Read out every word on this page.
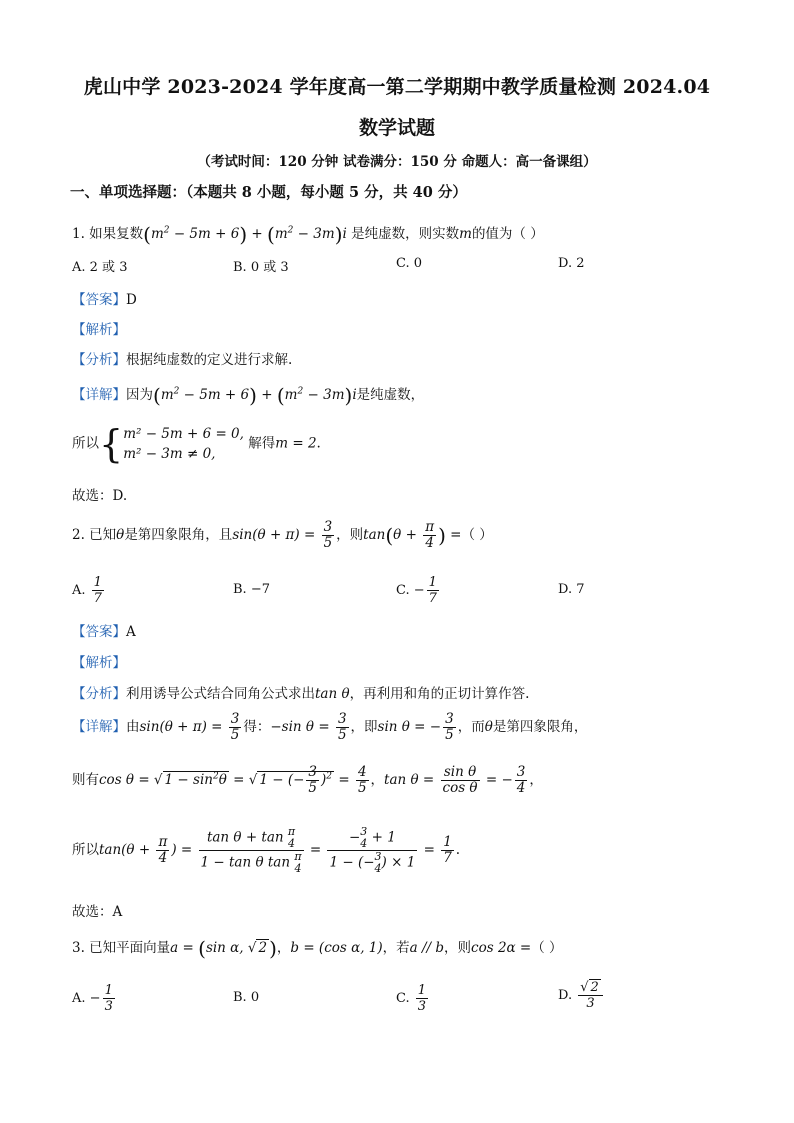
虎山中学 2023-2024 学年度高一第二学期期中教学质量检测 2024.04
数学试题
（考试时间：120 分钟 试卷满分：150 分 命题人：高一备课组）
一、单项选择题：（本题共 8 小题，每小题 5 分，共 40 分）
1. 如果复数$(m^2 - 5m + 6) + (m^2 - 3m)i$ 是纯虚数，则实数m的值为（ ）
A. 2 或 3	B. 0 或 3	C. 0	D. 2
【答案】D
【解析】
【分析】根据纯虚数的定义进行求解.
【详解】因为$(m^2 - 5m + 6) + (m^2 - 3m)i$是纯虚数，
所以{ m² − 5m + 6 = 0,
m² − 3m ≠ 0,
解得m = 2.
故选：D.
2. 已知θ是第四象限角，且$\sin(\theta + \pi) = \frac{3}{5}$ ，则$\tan(\theta + \frac{\pi}{4}$ ) =（ ）
A. $\frac{1}{7}$	B. −7	C. − $\frac{1}{7}$	D. 7
【答案】A
【解析】
【分析】利用诱导公式结合同角公式求出tan θ，再利用和角的正切计算作答.
【详解】由$\sin(\theta + \pi) = \frac{3}{5}$ 得：−sin $\theta = \frac{3}{5}$ ，即sin θ = − $\frac{3}{5}$ ，而θ是第四象限角，
则有cos θ = √ $1 - \sin^2\theta$ = √ 1 − (− $\frac{3}{5} )^2 = \frac{4}{5}$ ，$\tan \theta = \frac{\text{sin θ}}{\text{cos θ}}$ = − $\frac{3}{4}$ ，
所以$\tan(\theta + \frac{\pi}{4}$ ) =
tan θ + tan π
4
1 − tan θ tan π
4
=
−3
4 + 1
1 − (−3
4) × 1
= $\frac{1}{7}$ .
故选：A
3. 已知平面向量a = (sin α, √ 2 )，b = (cos α, 1)，若a // b，则cos 2α =（ ）
A. − $\frac{1}{3}$	B. 0	C. $\frac{1}{3}$	D. $\frac{√ 2}{3}$
